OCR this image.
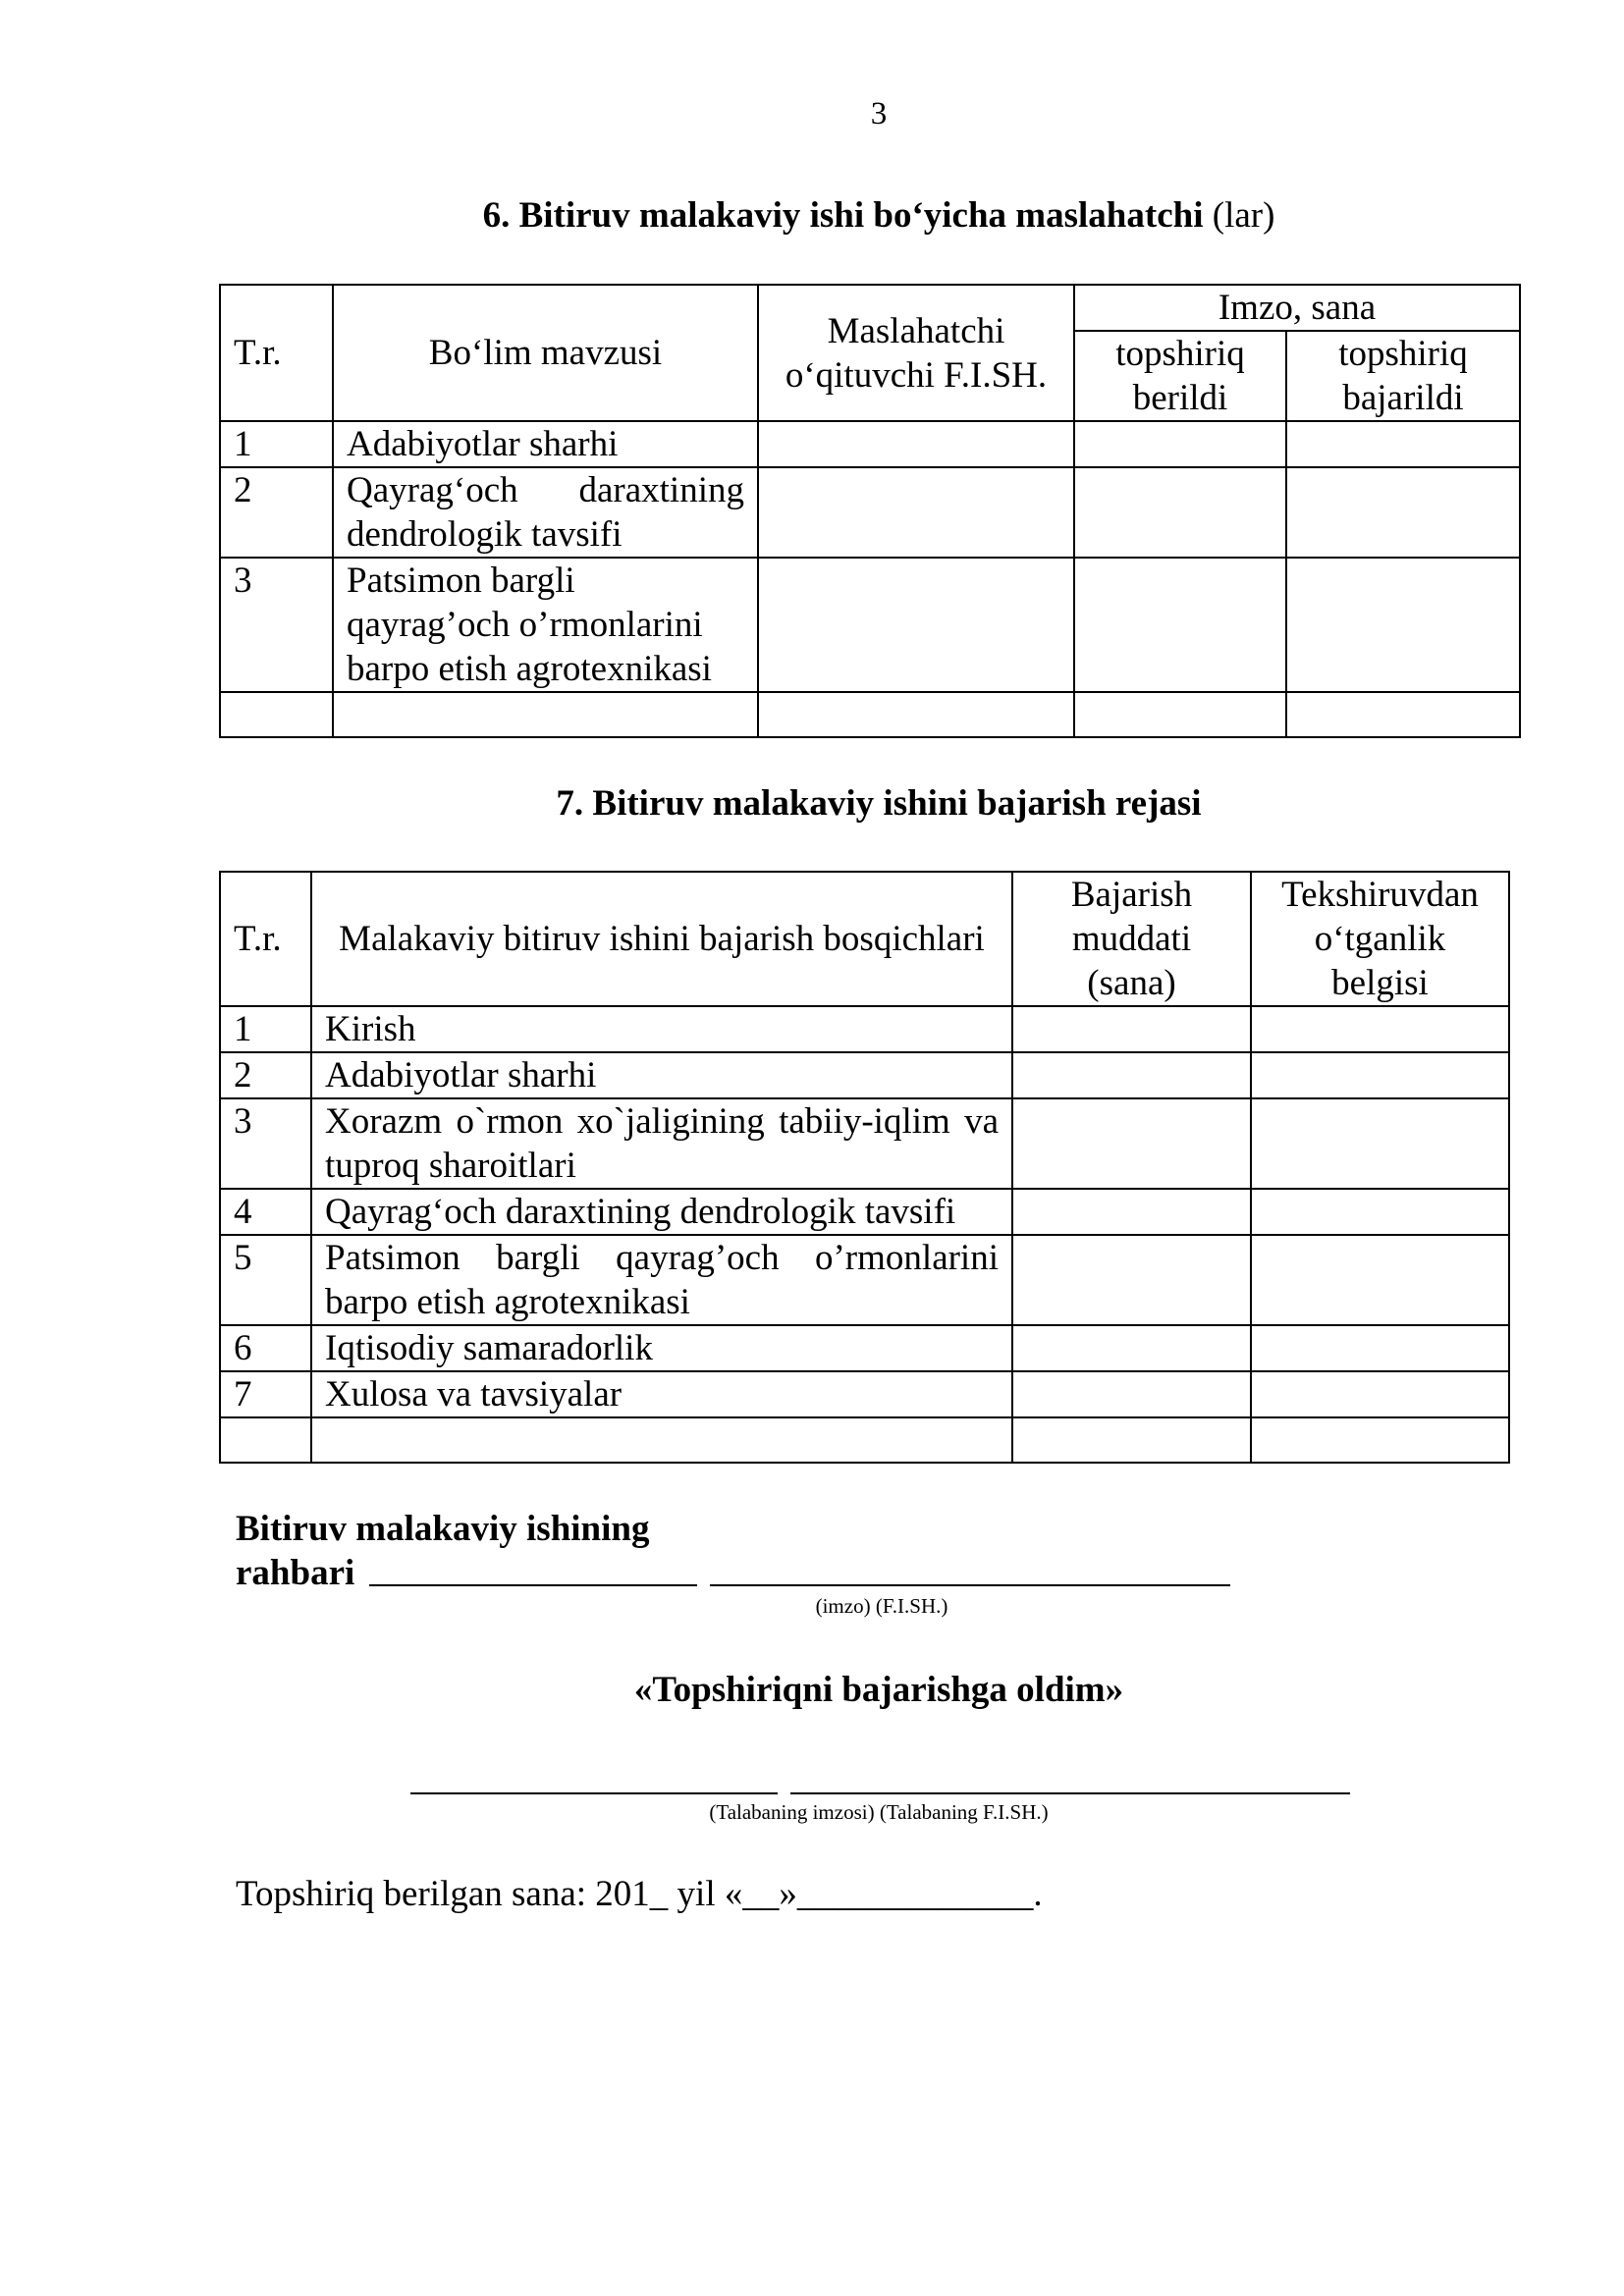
3
6. Bitiruv malakaviy ishi bo‘yicha maslahatchi (lar)
T.r.	Bo‘lim mavzusi	Maslahatchi o‘qituvchi F.I.SH.	Imzo, sana	
			topshiriq berildi	topshiriq bajarildi
1	Adabiyotlar sharhi			
2	Qayrag‘och daraxtining dendrologik tavsifi			
3	Patsimon bargli qayrag’och o’rmonlarini barpo etish agrotexnikasi			

7. Bitiruv malakaviy ishini bajarish rejasi
T.r.	Malakaviy bitiruv ishini bajarish bosqichlari	Bajarish muddati (sana)	Tekshiruvdan o‘tganlik belgisi
1	Kirish		
2	Adabiyotlar sharhi		
3	Xorazm o`rmon xo`jaligining tabiiy-iqlim va tuproq sharoitlari		
4	Qayrag‘och daraxtining dendrologik tavsifi		
5	Patsimon bargli qayrag’och o’rmonlarini barpo etish agrotexnikasi		
6	Iqtisodiy samaradorlik		
7	Xulosa va tavsiyalar		

Bitiruv malakaviy ishining
rahbari
(imzo) (F.I.SH.)
«Topshiriqni bajarishga oldim»
(Talabaning imzosi) (Talabaning F.I.SH.)
Topshiriq berilgan sana: 201_ yil «__»_____________.
